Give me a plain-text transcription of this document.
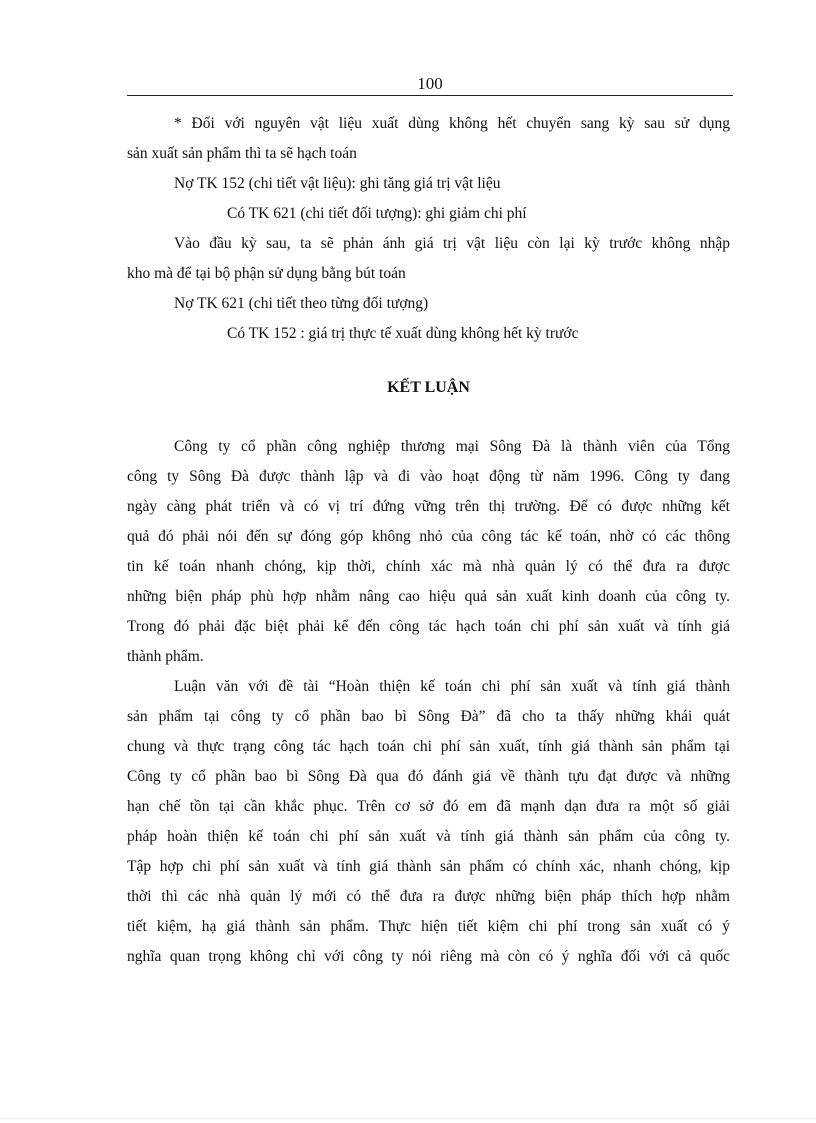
100
* Đối với nguyên vật liệu xuất dùng không hết chuyển sang kỳ sau sử dụng
sản xuất sản phẩm thì ta sẽ hạch toán
Nợ TK 152 (chi tiết vật liệu): ghi tăng giá trị vật liệu
Có TK 621 (chi tiết đối tượng): ghi giảm chi phí
Vào đầu kỳ sau, ta sẽ phản ánh giá trị vật liệu còn lại kỳ trước không nhập
kho mà để tại bộ phận sử dụng bằng bút toán
Nợ TK 621 (chi tiết theo từng đối tượng)
Có TK 152 : giá trị thực tế xuất dùng không hết kỳ trước
KẾT LUẬN
Công ty cổ phần công nghiệp thương mại Sông Đà là thành viên của Tổng
công ty Sông Đà được thành lập và đi vào hoạt động từ năm 1996. Công ty đang
ngày càng phát triển và có vị trí đứng vững trên thị trường. Để có được những kết
quả đó phải nói đến sự đóng góp không nhỏ của công tác kế toán, nhờ có các thông
tin kế toán nhanh chóng, kịp thời, chính xác mà nhà quản lý có thể đưa ra được
những biện pháp phù hợp nhằm nâng cao hiệu quả sản xuất kinh doanh của công ty.
Trong đó phải đặc biệt phải kể đến công tác hạch toán chi phí sản xuất và tính giá
thành phẩm.
Luận văn với đề tài “Hoàn thiện kế toán chi phí sản xuất và tính giá thành
sản phẩm tại công ty cổ phần bao bì Sông Đà” đã cho ta thấy những khái quát
chung và thực trạng công tác hạch toán chi phí sản xuất, tính giá thành sản phẩm tại
Công ty cổ phần bao bì Sông Đà qua đó đánh giá về thành tựu đạt được và những
hạn chế tồn tại cần khắc phục. Trên cơ sở đó em đã mạnh dạn đưa ra một số giải
pháp hoàn thiện kế toán chi phí sản xuất và tính giá thành sản phẩm của công ty.
Tập hợp chi phí sản xuất và tính giá thành sản phẩm có chính xác, nhanh chóng, kịp
thời thì các nhà quản lý mới có thể đưa ra được những biện pháp thích hợp nhằm
tiết kiệm, hạ giá thành sản phẩm. Thực hiện tiết kiệm chi phí trong sản xuất có ý
nghĩa quan trọng không chỉ với công ty nói riêng mà còn có ý nghĩa đối với cả quốc
